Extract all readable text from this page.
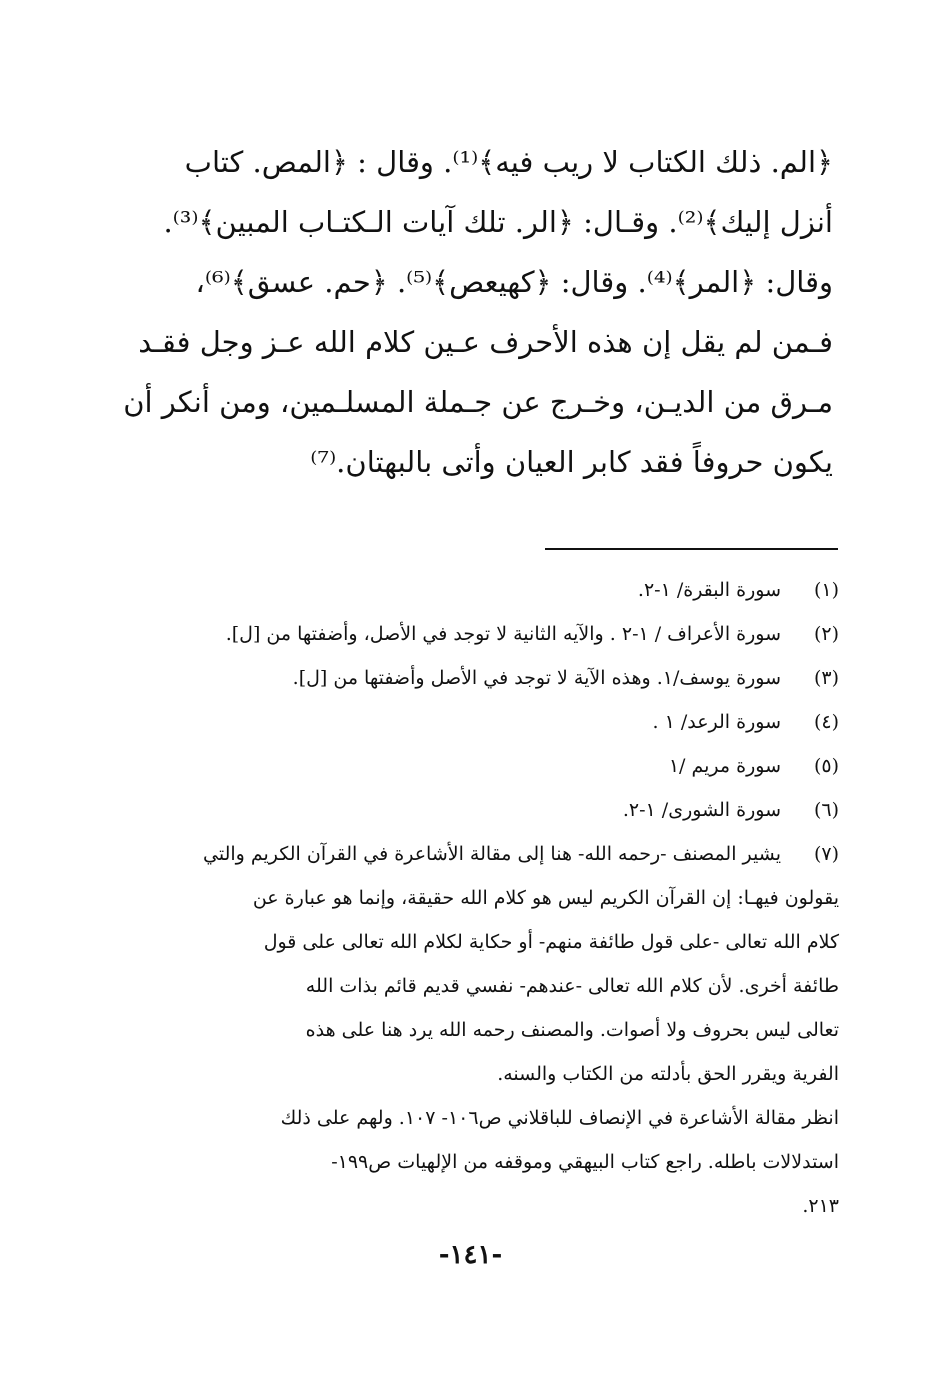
﴿الم. ذلك الكتاب لا ريب فيه﴾⁽¹⁾. وقال : ﴿المص. كتاب
أنزل إليك﴾⁽²⁾. وقـال: ﴿الر. تلك آيات الـكتـاب المبين﴾⁽³⁾.
وقال: ﴿المر﴾⁽⁴⁾. وقال: ﴿كهيعص﴾⁽⁵⁾. ﴿حم. عسق﴾⁽⁶⁾،
فـمن لم يقل إن هذه الأحرف عـين كلام الله عـز وجل فقـد
مـرق من الديـن، وخـرج عن جـملة المسلـمين، ومن أنكر أن
يكون حروفاً فقد كابر العيان وأتى بالبهتان.⁽⁷⁾
(١)
سورة البقرة/ ١-٢.
(٢)
سورة الأعراف / ١-٢ . والآيه الثانية لا توجد في الأصل، وأضفتها من [ل].
(٣)
سورة يوسف/١. وهذه الآية لا توجد في الأصل وأضفتها من [ل].
(٤)
سورة الرعد/ ١ .
(٥)
سورة مريم /١
(٦)
سورة الشورى/ ١-٢.
(٧)
يشير المصنف -رحمه الله- هنا إلى مقالة الأشاعرة في القرآن الكريم والتي
يقولون فيهـا: إن القرآن الكريم ليس هو كلام الله حقيقة، وإنما هو عبارة عن
كلام الله تعالى -على قول طائفة منهم- أو حكاية لكلام الله تعالى على قول
طائفة أخرى. لأن كلام الله تعالى -عندهم- نفسي قديم قائم بذات الله
تعالى ليس بحروف ولا أصوات. والمصنف رحمه الله يرد هنا على هذه
الفرية ويقرر الحق بأدلته من الكتاب والسنه.
انظر مقالة الأشاعرة في الإنصاف للباقلاني ص١٠٦- ١٠٧. ولهم على ذلك
استدلالات باطله. راجع كتاب البيهقي وموقفه من الإلهيات ص١٩٩-
٢١٣.
-١٤١-
